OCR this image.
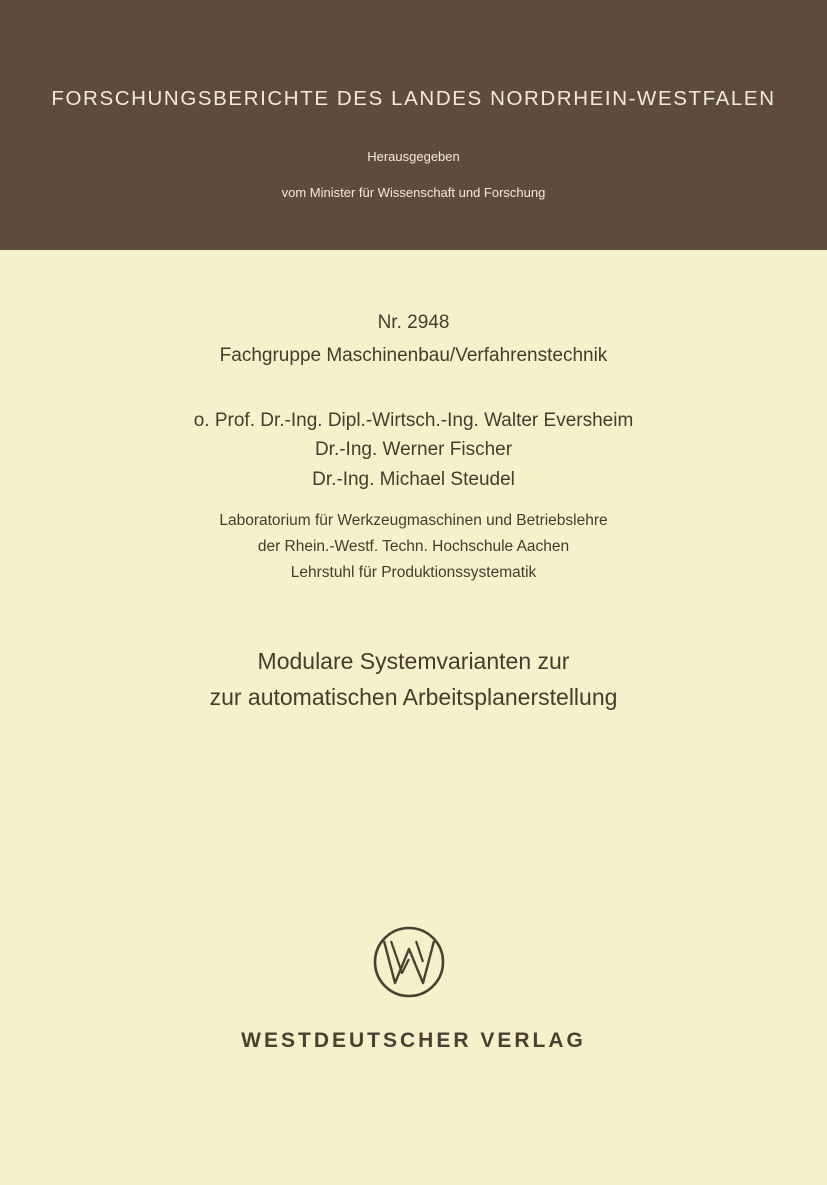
FORSCHUNGSBERICHTE DES LANDES NORDRHEIN-WESTFALEN
Herausgegeben
vom Minister für Wissenschaft und Forschung
Nr. 2948
Fachgruppe Maschinenbau/Verfahrenstechnik
o. Prof. Dr.-Ing. Dipl.-Wirtsch.-Ing. Walter Eversheim
Dr.-Ing. Werner Fischer
Dr.-Ing. Michael Steudel
Laboratorium für Werkzeugmaschinen und Betriebslehre
der Rhein.-Westf. Techn. Hochschule Aachen
Lehrstuhl für Produktionssystematik
Modulare Systemvarianten zur
zur automatischen Arbeitsplanerstellung
WESTDEUTSCHER VERLAG
